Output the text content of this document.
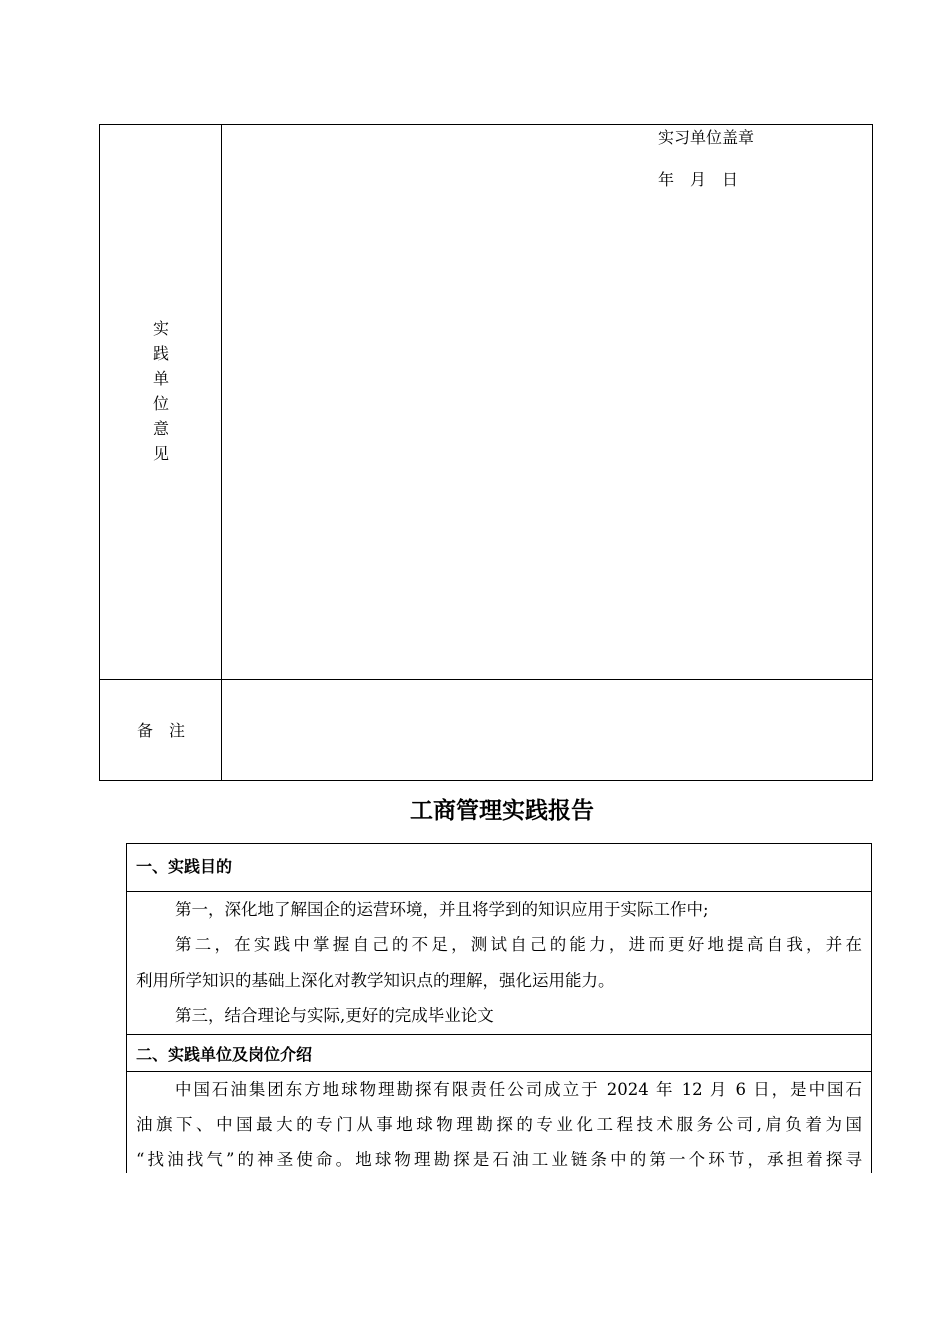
实践单位意见
实习单位盖章
年　月　日
备　注
工商管理实践报告
一、实践目的
第一，深化地了解国企的运营环境，并且将学到的知识应用于实际工作中;
第二，在实践中掌握自己的不足，测试自己的能力，进而更好地提高自我，并在
利用所学知识的基础上深化对教学知识点的理解，强化运用能力。
第三，结合理论与实际,更好的完成毕业论文
二、实践单位及岗位介绍
中国石油集团东方地球物理勘探有限责任公司成立于 2024 年 12 月 6 日，是中国石
油旗下、中国最大的专门从事地球物理勘探的专业化工程技术服务公司,肩负着为国
“找油找气”的神圣使命。地球物理勘探是石油工业链条中的第一个环节，承担着探寻
